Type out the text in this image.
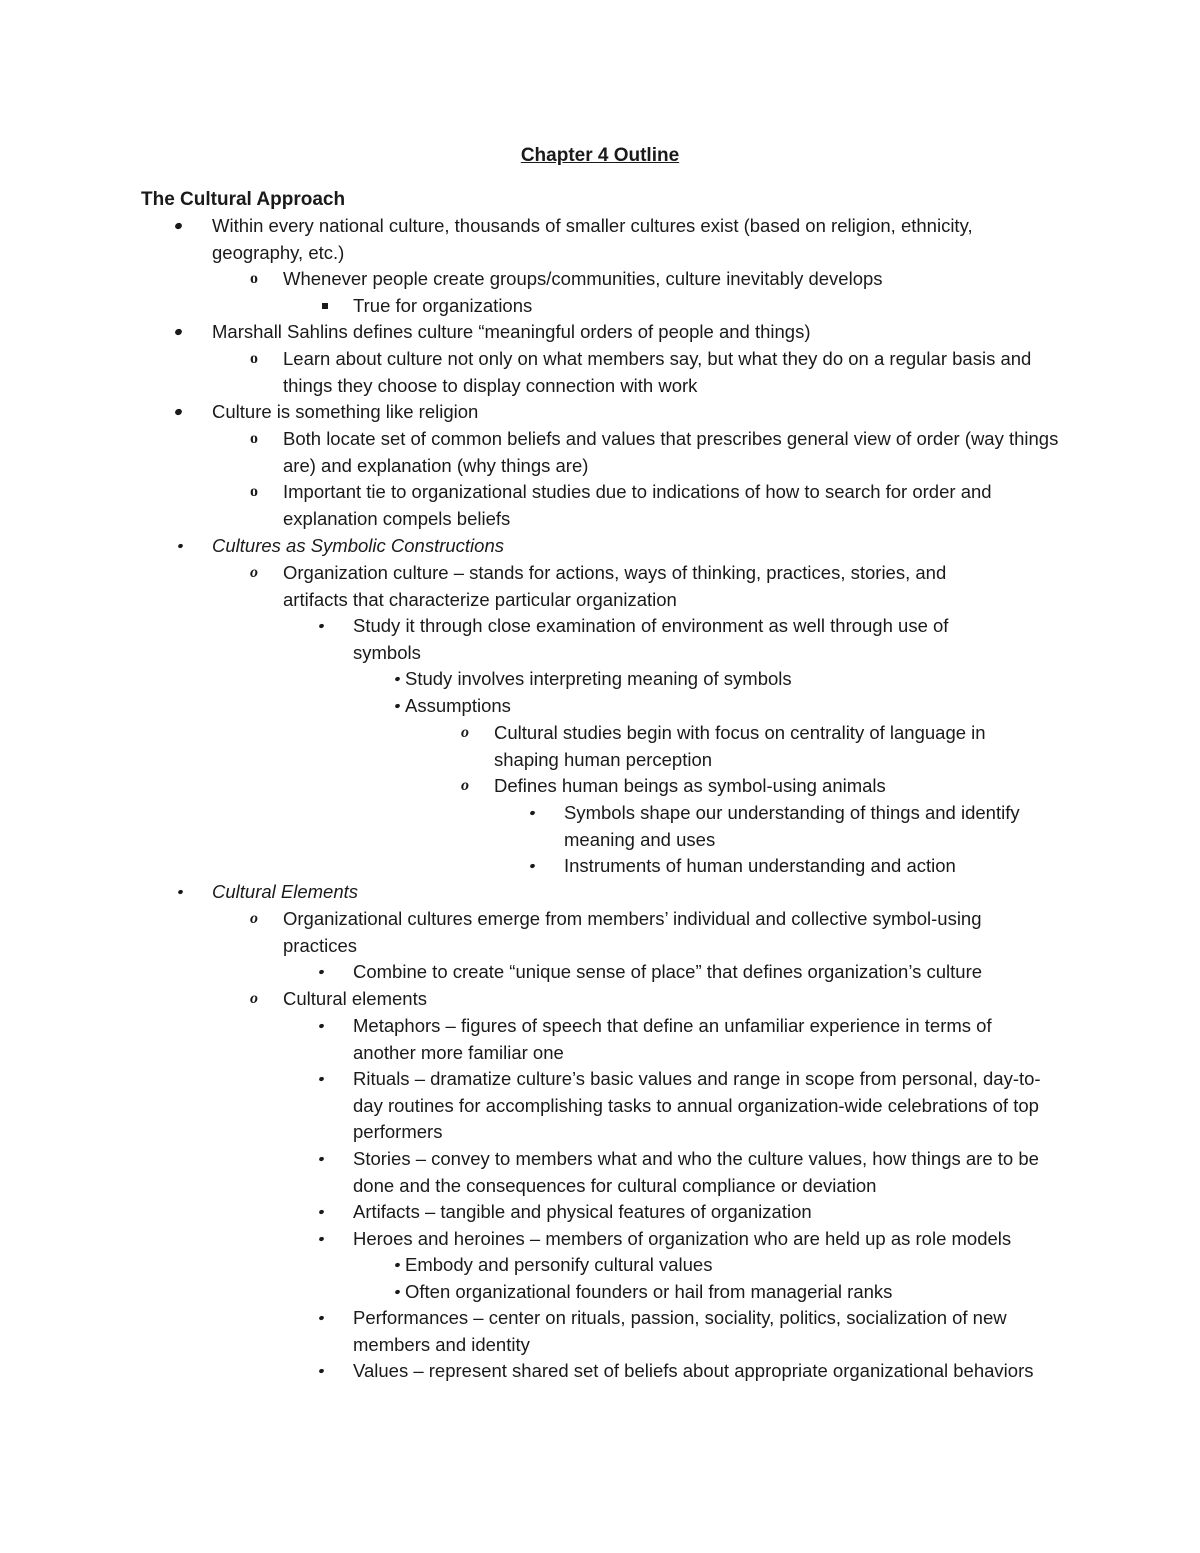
Chapter 4 Outline
The Cultural Approach
Within every national culture, thousands of smaller cultures exist (based on religion, ethnicity, geography, etc.)
o Whenever people create groups/communities, culture inevitably develops
True for organizations
Marshall Sahlins defines culture “meaningful orders of people and things)
o Learn about culture not only on what members say, but what they do on a regular basis and things they choose to display connection with work
Culture is something like religion
o Both locate set of common beliefs and values that prescribes general view of order (way things are) and explanation (why things are)
o Important tie to organizational studies due to indications of how to search for order and explanation compels beliefs
Cultures as Symbolic Constructions
o Organization culture – stands for actions, ways of thinking, practices, stories, and artifacts that characterize particular organization
Study it through close examination of environment as well through use of symbols
Study involves interpreting meaning of symbols
Assumptions
o Cultural studies begin with focus on centrality of language in shaping human perception
o Defines human beings as symbol-using animals
Symbols shape our understanding of things and identify meaning and uses
Instruments of human understanding and action
Cultural Elements
o Organizational cultures emerge from members’ individual and collective symbol-using practices
Combine to create “unique sense of place” that defines organization’s culture
o Cultural elements
Metaphors – figures of speech that define an unfamiliar experience in terms of another more familiar one
Rituals – dramatize culture’s basic values and range in scope from personal, day-to-day routines for accomplishing tasks to annual organization-wide celebrations of top performers
Stories – convey to members what and who the culture values, how things are to be done and the consequences for cultural compliance or deviation
Artifacts – tangible and physical features of organization
Heroes and heroines – members of organization who are held up as role models
Embody and personify cultural values
Often organizational founders or hail from managerial ranks
Performances – center on rituals, passion, sociality, politics, socialization of new members and identity
Values – represent shared set of beliefs about appropriate organizational behaviors
